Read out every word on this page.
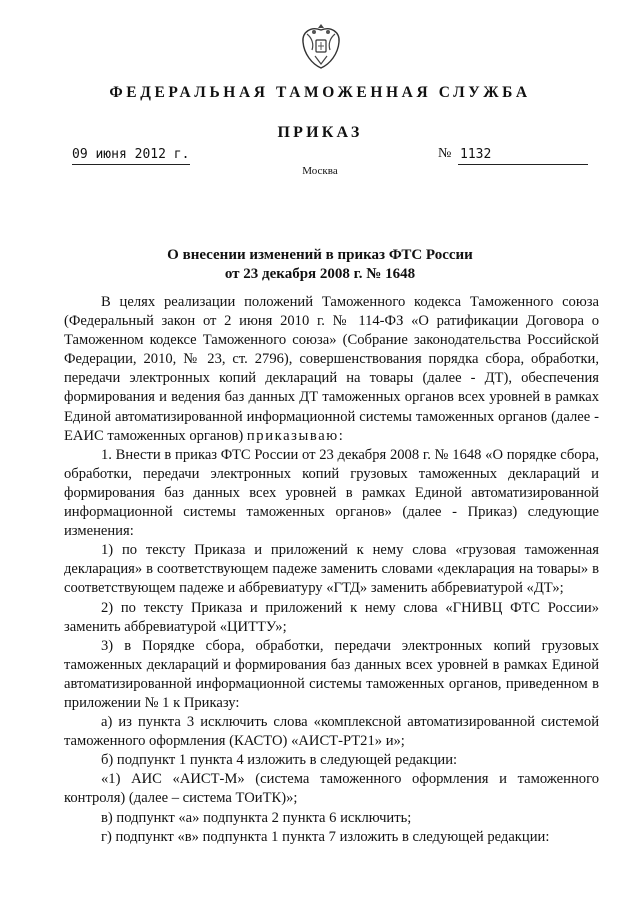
ФЕДЕРАЛЬНАЯ ТАМОЖЕННАЯ СЛУЖБА
ПРИКАЗ
09 июня 2012 г.	№ 1132
Москва
О внесении изменений в приказ ФТС России
от 23 декабря 2008 г. № 1648

В целях реализации положений Таможенного кодекса Таможенного союза (Федеральный закон от 2 июня 2010 г. № 114-ФЗ «О ратификации Договора о Таможенном кодексе Таможенного союза» (Собрание законодательства Российской Федерации, 2010, № 23, ст. 2796), совершенствования порядка сбора, обработки, передачи электронных копий деклараций на товары (далее - ДТ), обеспечения формирования и ведения баз данных ДТ таможенных органов всех уровней в рамках Единой автоматизированной информационной системы таможенных органов (далее - ЕАИС таможенных органов) приказываю:

1. Внести в приказ ФТС России от 23 декабря 2008 г. № 1648 «О порядке сбора, обработки, передачи электронных копий грузовых таможенных деклараций и формирования баз данных всех уровней в рамках Единой автоматизированной информационной системы таможенных органов» (далее - Приказ) следующие изменения:

1) по тексту Приказа и приложений к нему слова «грузовая таможенная декларация» в соответствующем падеже заменить словами «декларация на товары» в соответствующем падеже и аббревиатуру «ГТД» заменить аббревиатурой «ДТ»;

2) по тексту Приказа и приложений к нему слова «ГНИВЦ ФТС России» заменить аббревиатурой «ЦИТТУ»;

3) в Порядке сбора, обработки, передачи электронных копий грузовых таможенных деклараций и формирования баз данных всех уровней в рамках Единой автоматизированной информационной системы таможенных органов, приведенном в приложении № 1 к Приказу:

а) из пункта 3 исключить слова «комплексной автоматизированной системой таможенного оформления (КАСТО) «АИСТ-РТ21» и»;

б) подпункт 1 пункта 4 изложить в следующей редакции:

«1) АИС «АИСТ-М» (система таможенного оформления и таможенного контроля) (далее – система ТОиТК)»;

в) подпункт «а» подпункта 2 пункта 6 исключить;

г) подпункт «в» подпункта 1 пункта 7 изложить в следующей редакции:
